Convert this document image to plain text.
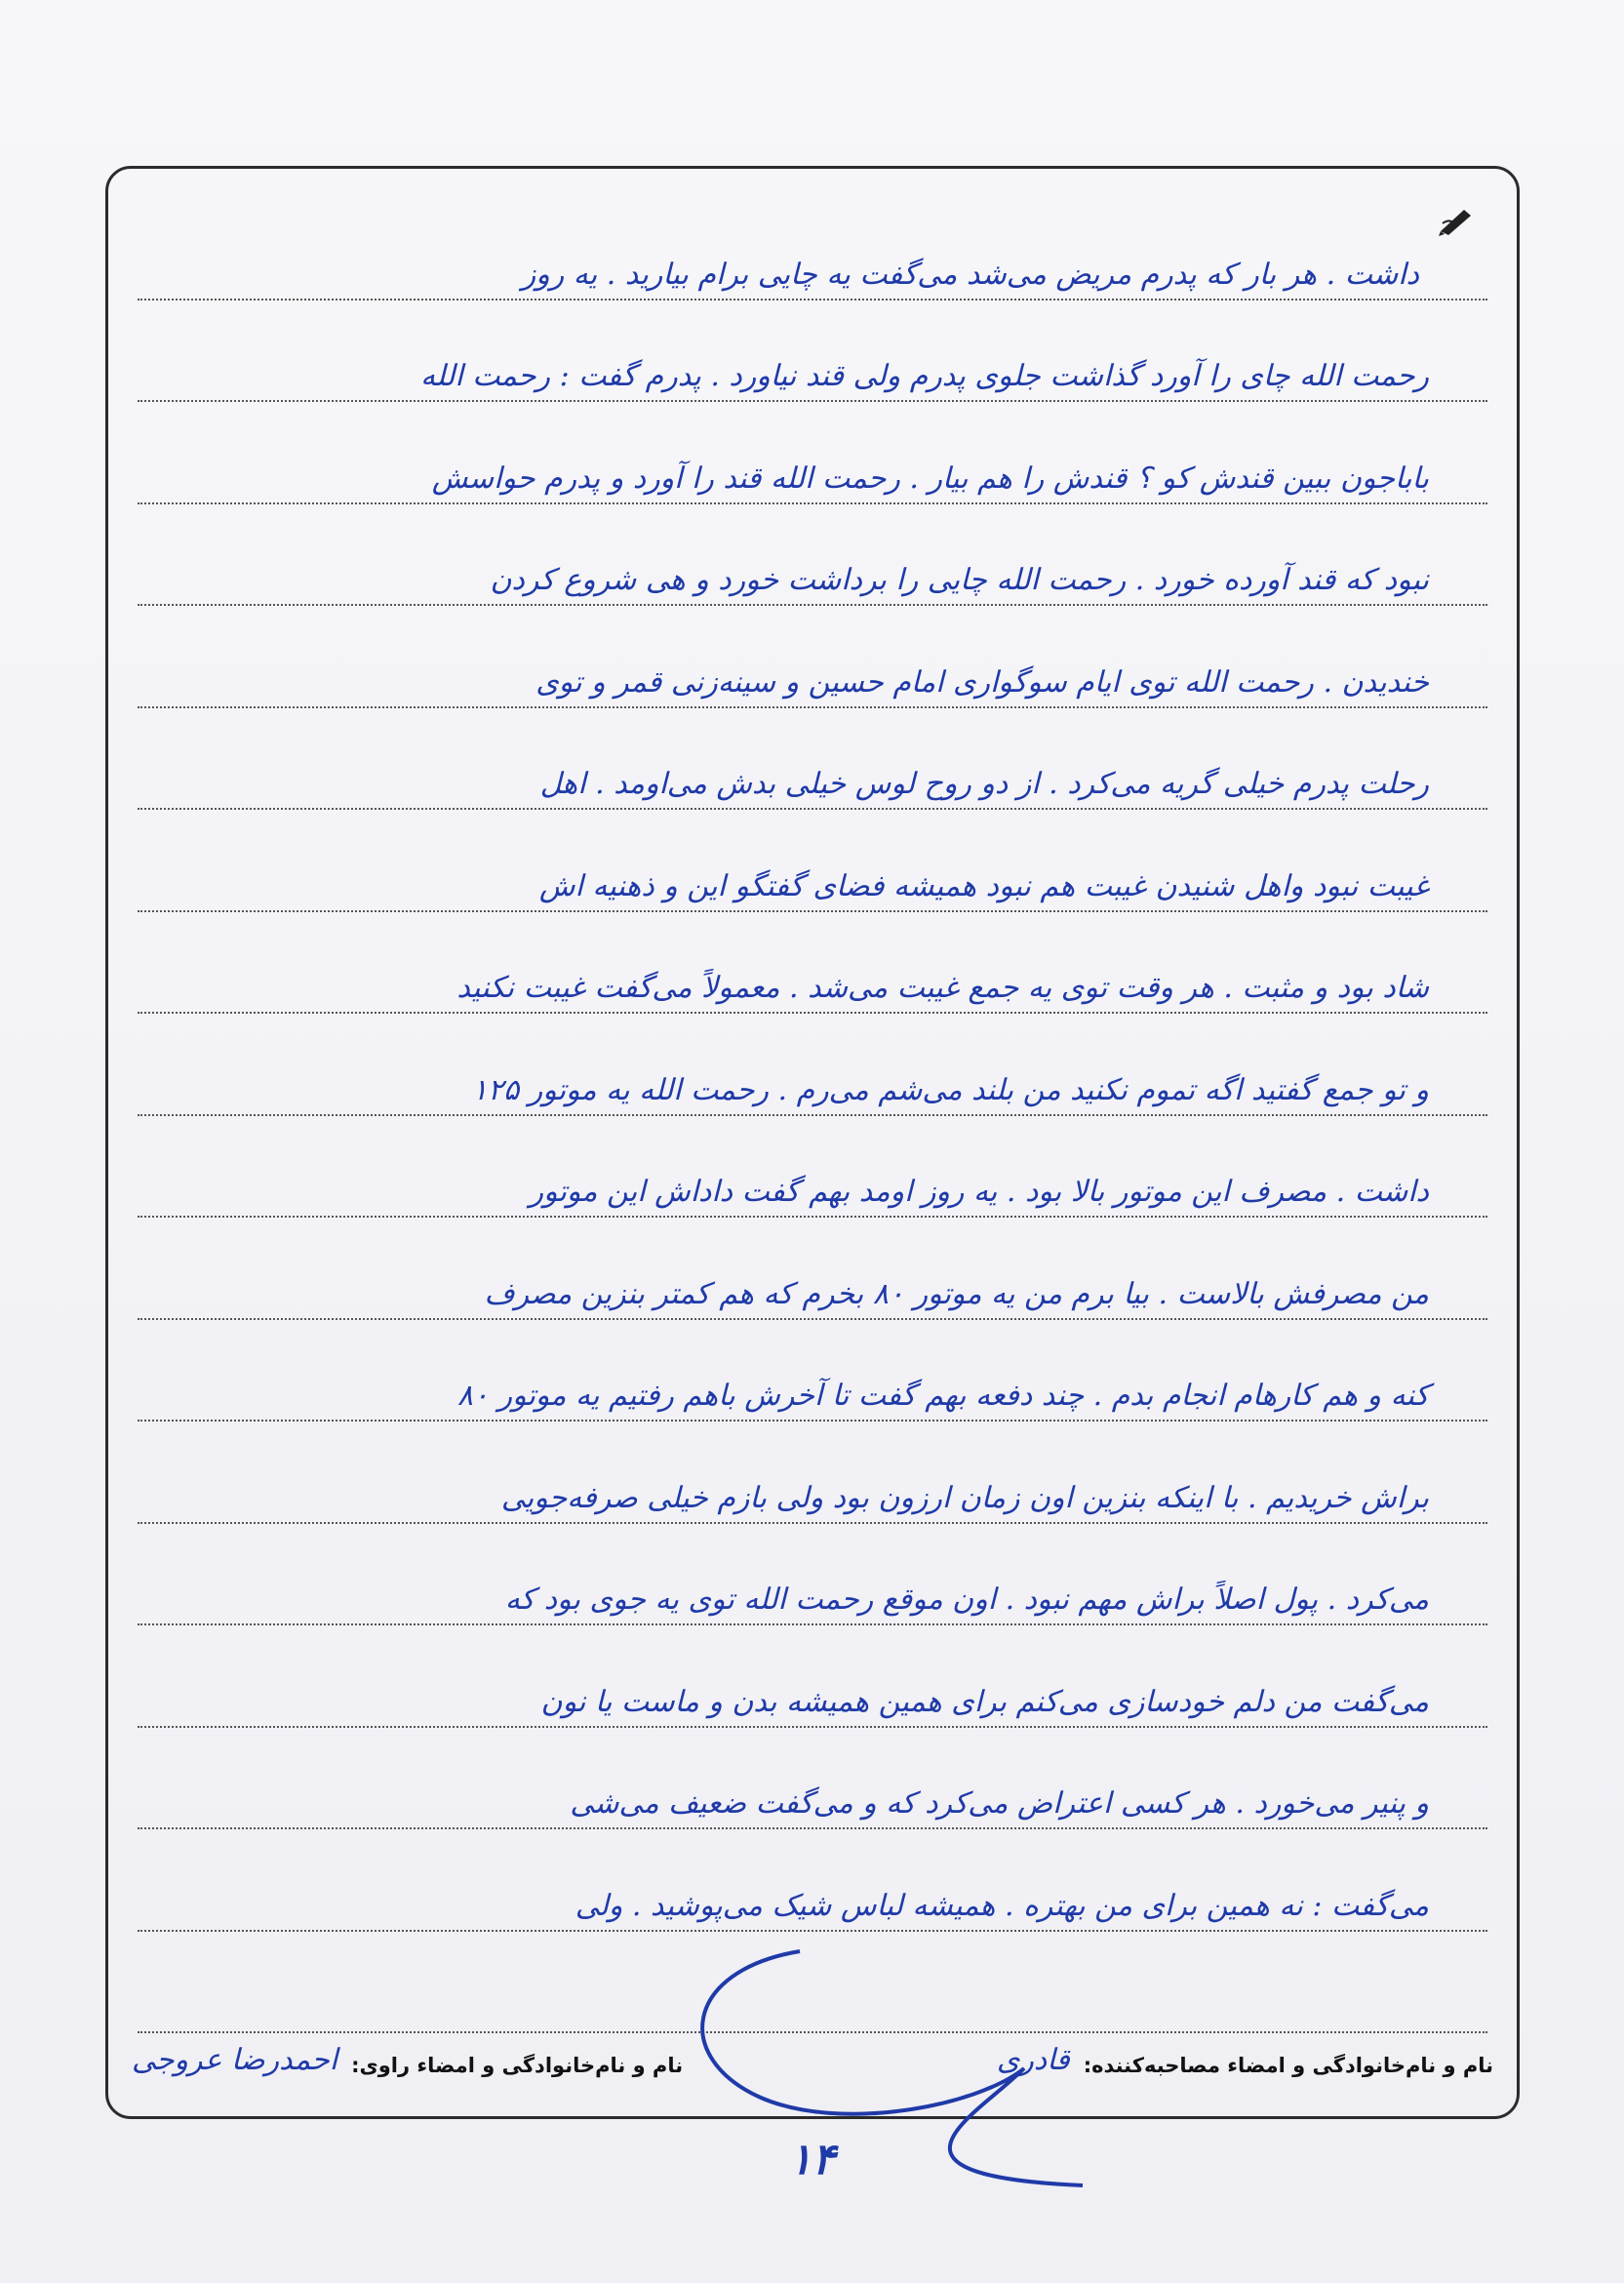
داشت . هر بار که پدرم مریض می‌شد می‌گفت یه چایی برام بیارید . یه روز
رحمت الله چای را آورد گذاشت جلوی پدرم ولی قند نیاورد . پدرم گفت : رحمت الله
باباجون ببین قندش کو ؟ قندش را هم بیار . رحمت الله قند را آورد و پدرم حواسش
نبود که قند آورده خورد . رحمت الله چایی را برداشت خورد و هی شروع کردن
خندیدن . رحمت الله توی ایام سوگواری امام حسین و سینه‌زنی قمر و توی
رحلت پدرم خیلی گریه می‌کرد . از دو روح لوس خیلی بدش می‌اومد . اهل
غیبت نبود واهل شنیدن غیبت هم نبود همیشه فضای گفتگو این و ذهنیه اش
شاد بود و مثبت . هر وقت توی یه جمع غیبت می‌شد . معمولاً می‌گفت غیبت نکنید
و تو جمع گفتید اگه تموم نکنید من بلند می‌شم می‌رم . رحمت الله یه موتور ۱۲۵
داشت . مصرف این موتور بالا بود . یه روز اومد بهم گفت داداش این موتور
من مصرفش بالاست . بیا برم من یه موتور ۸۰ بخرم که هم کمتر بنزین مصرف
کنه و هم کارهام انجام بدم . چند دفعه بهم گفت تا آخرش باهم رفتیم یه موتور ۸۰
براش خریدیم . با اینکه بنزین اون زمان ارزون بود ولی بازم خیلی صرفه‌جویی
می‌کرد . پول اصلاً براش مهم نبود . اون موقع رحمت الله توی یه جوی بود که
می‌گفت من دلم خودسازی می‌کنم برای همین همیشه بدن و ماست یا نون
و پنیر می‌خورد . هر کسی اعتراض می‌کرد که و می‌گفت ضعیف می‌شی
می‌گفت : نه همین برای من بهتره . همیشه لباس شیک می‌پوشید . ولی
نام و نام‌خانوادگی و امضاء مصاحبه‌کننده:
قادری
نام و نام‌خانوادگی و امضاء راوی:
احمدرضا عروجی
۱۴
